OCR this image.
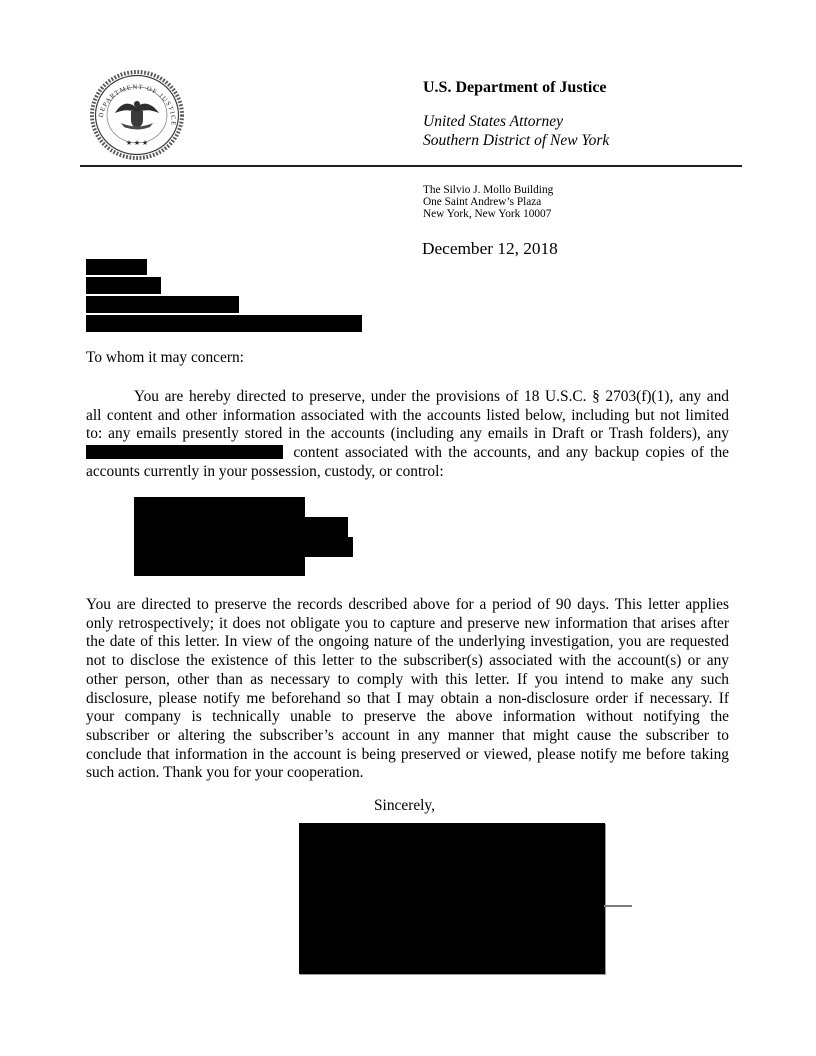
DEPARTMENT OF JUSTICE
★ ★ ★
U.S. Department of Justice
United States Attorney
Southern District of New York
The Silvio J. Mollo Building
One Saint Andrew’s Plaza
New York, New York 10007
December 12, 2018
To whom it may concern:
You are hereby directed to preserve, under the provisions of 18 U.S.C. § 2703(f)(1), any and
all content and other information associated with the accounts listed below, including but not limited
to: any emails presently stored in the accounts (including any emails in Draft or Trash folders), any
content associated with the accounts, and any backup copies of the
accounts currently in your possession, custody, or control:
You are directed to preserve the records described above for a period of 90 days. This letter applies
only retrospectively; it does not obligate you to capture and preserve new information that arises after
the date of this letter. In view of the ongoing nature of the underlying investigation, you are requested
not to disclose the existence of this letter to the subscriber(s) associated with the account(s) or any
other person, other than as necessary to comply with this letter. If you intend to make any such
disclosure, please notify me beforehand so that I may obtain a non-disclosure order if necessary. If
your company is technically unable to preserve the above information without notifying the
subscriber or altering the subscriber’s account in any manner that might cause the subscriber to
conclude that information in the account is being preserved or viewed, please notify me before taking
such action. Thank you for your cooperation.
Sincerely,
